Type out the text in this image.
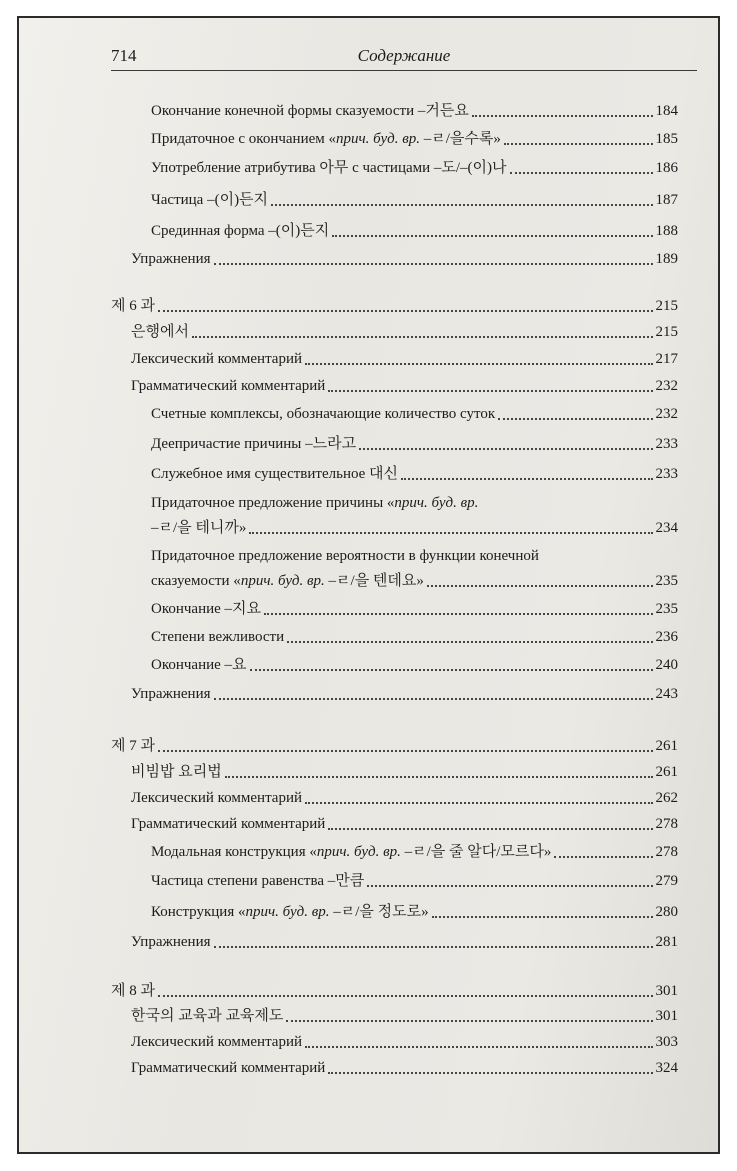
714	Содержание
Окончание конечной формы сказуемости –거든요	184
Придаточное с окончанием «прич. буд. вр. –ㄹ/을수록»	185
Употребление атрибутива 아무 с частицами –도/–(이)나	186
Частица –(이)든지	187
Срединная форма –(이)든지	188
Упражнения	189
제 6 과	215
은행에서	215
Лексический комментарий	217
Грамматический комментарий	232
Счетные комплексы, обозначающие количество суток	232
Деепричастие причины –느라고	233
Служебное имя существительное 대신	233
Придаточное предложение причины «прич. буд. вр.
–ㄹ/을 테니까»	234
Придаточное предложение вероятности в функции конечной
сказуемости «прич. буд. вр. –ㄹ/을 텐데요»	235
Окончание –지요	235
Степени вежливости	236
Окончание –요	240
Упражнения	243
제 7 과	261
비빔밥 요리법	261
Лексический комментарий	262
Грамматический комментарий	278
Модальная конструкция «прич. буд. вр. –ㄹ/을 줄 알다/모르다»	278
Частица степени равенства –만큼	279
Конструкция «прич. буд. вр. –ㄹ/을 정도로»	280
Упражнения	281
제 8 과	301
한국의 교육과 교육제도	301
Лексический комментарий	303
Грамматический комментарий	324
